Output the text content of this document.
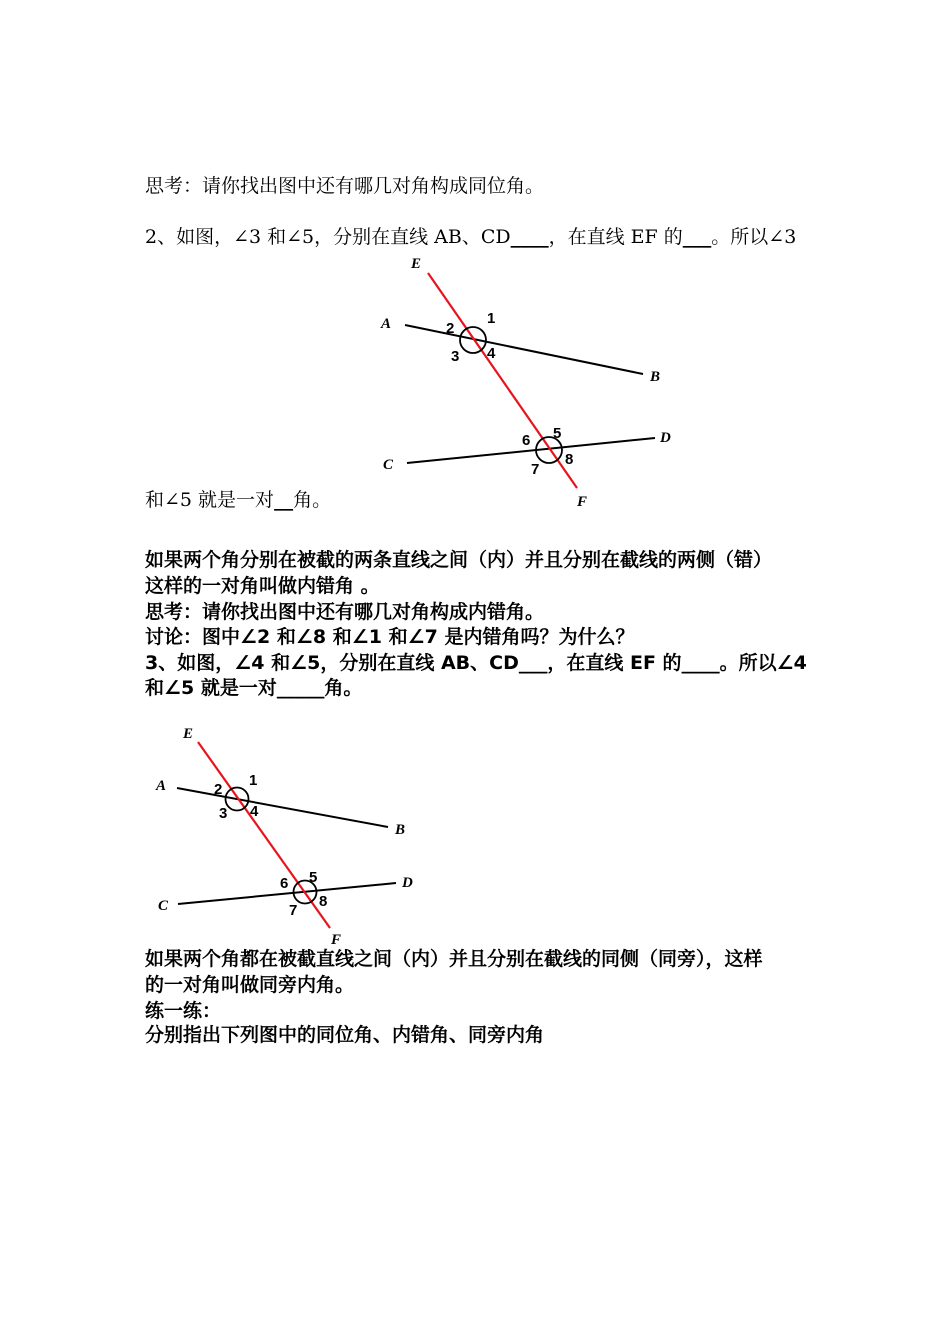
思考：请你找出图中还有哪几对角构成同位角。
2、如图，∠3 和∠5，分别在直线 AB、CD____，在直线 EF 的___。所以∠3
和∠5 就是一对__角。
如果两个角分别在被截的两条直线之间（内）并且分别在截线的两侧（错）
这样的一对角叫做内错角 。
思考：请你找出图中还有哪几对角构成内错角。
讨论：图中∠2 和∠8 和∠1 和∠7 是内错角吗？为什么？
3、如图，∠4 和∠5，分别在直线 AB、CD___，在直线 EF 的____。所以∠4
和∠5 就是一对_____角。
如果两个角都在被截直线之间（内）并且分别在截线的同侧（同旁），这样
的一对角叫做同旁内角。
练一练：
分别指出下列图中的同位角、内错角、同旁内角
E
A
B
C
D
F
1
2
3 4
5
6
7
8
E
A
B
C
D
F
1
2
3 4
5
6
7
8
